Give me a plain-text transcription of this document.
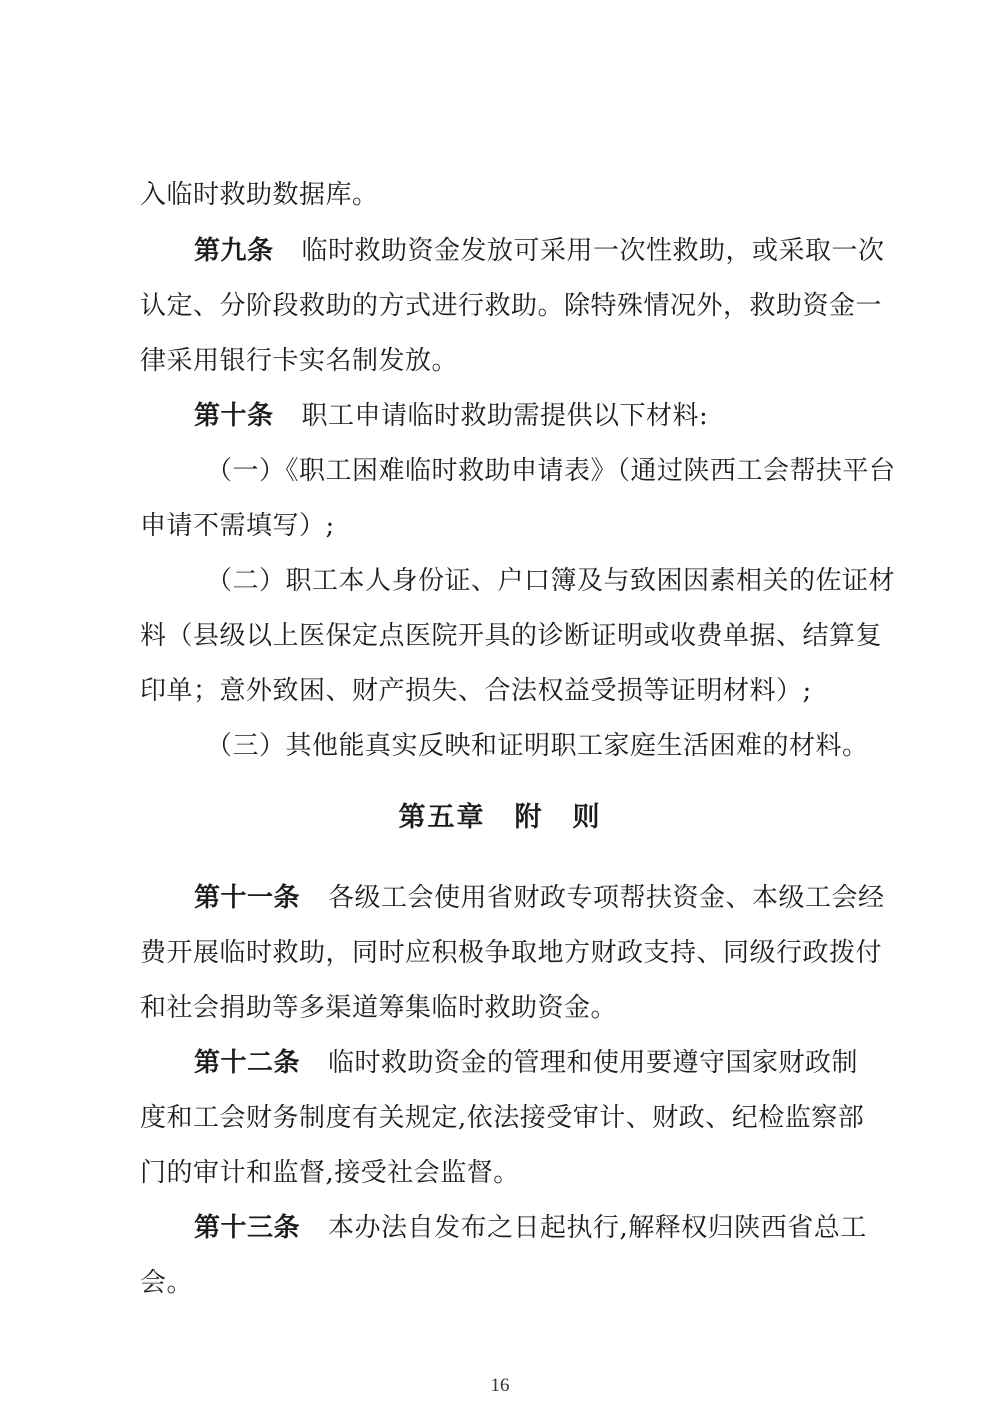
入临时救助数据库。
第九条 临时救助资金发放可采用一次性救助，或采取一次
认定、分阶段救助的方式进行救助。除特殊情况外，救助资金一
律采用银行卡实名制发放。
第十条 职工申请临时救助需提供以下材料:
（一）《职工困难临时救助申请表》（通过陕西工会帮扶平台
申请不需填写）;
（二）职工本人身份证、户口簿及与致困因素相关的佐证材
料（县级以上医保定点医院开具的诊断证明或收费单据、结算复
印单；意外致困、财产损失、合法权益受损等证明材料）;
（三）其他能真实反映和证明职工家庭生活困难的材料。
第五章　附　则
第十一条 各级工会使用省财政专项帮扶资金、本级工会经
费开展临时救助，同时应积极争取地方财政支持、同级行政拨付
和社会捐助等多渠道筹集临时救助资金。
第十二条 临时救助资金的管理和使用要遵守国家财政制
度和工会财务制度有关规定,依法接受审计、财政、纪检监察部
门的审计和监督,接受社会监督。
第十三条 本办法自发布之日起执行,解释权归陕西省总工
会。
16
